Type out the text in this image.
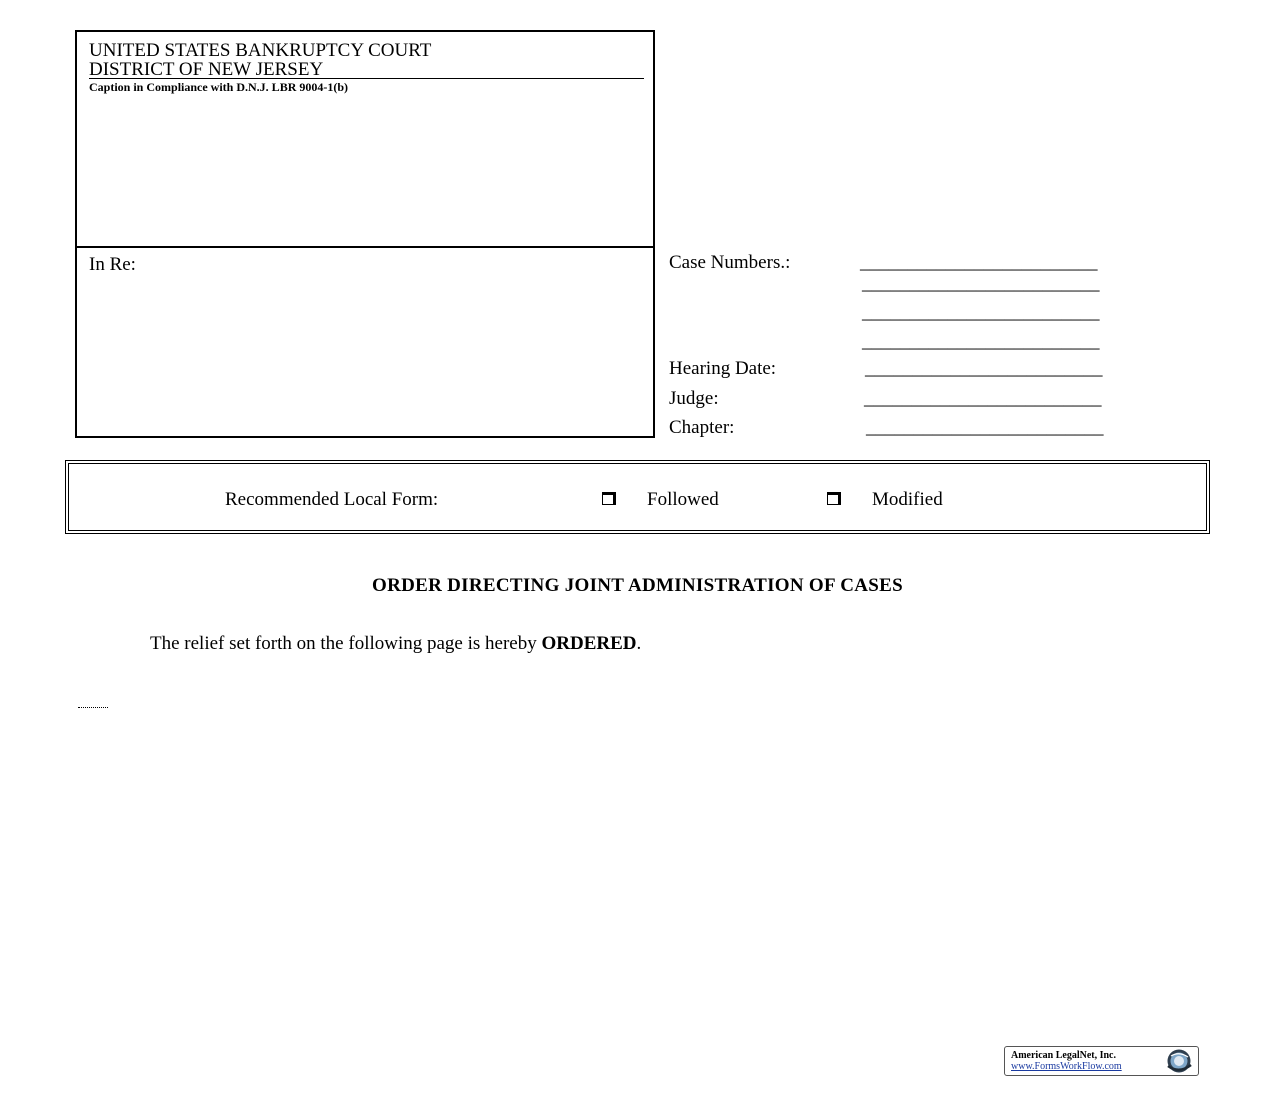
UNITED STATES BANKRUPTCY COURT
DISTRICT OF NEW JERSEY
Caption in Compliance with D.N.J. LBR 9004-1(b)
In Re:	Case Numbers.:	_________________________
_________________________
_________________________
_________________________
Hearing Date:	_________________________
Judge:	_________________________
Chapter:	_________________________
Recommended Local Form:	Followed	Modified
ORDER DIRECTING JOINT ADMINISTRATION OF CASES
The relief set forth on the following page is hereby ORDERED.
American LegalNet, Inc.
www.FormsWorkFlow.com
